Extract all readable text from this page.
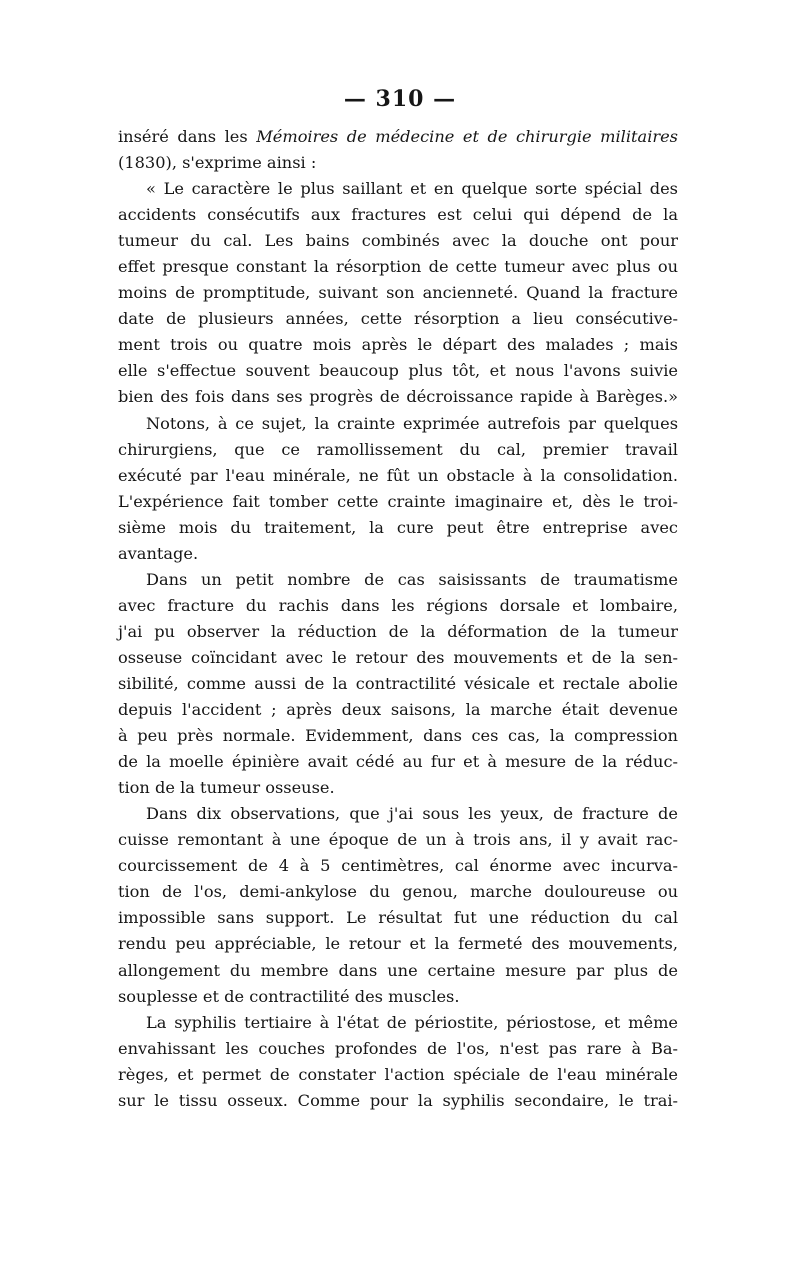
— 310 —
inséré dans les Mémoires de médecine et de chirurgie militaires
(1830), s'exprime ainsi :
« Le caractère le plus saillant et en quelque sorte spécial des
accidents consécutifs aux fractures est celui qui dépend de la
tumeur du cal. Les bains combinés avec la douche ont pour
effet presque constant la résorption de cette tumeur avec plus ou
moins de promptitude, suivant son ancienneté. Quand la fracture
date de plusieurs années, cette résorption a lieu consécutive-
ment trois ou quatre mois après le départ des malades ; mais
elle s'effectue souvent beaucoup plus tôt, et nous l'avons suivie
bien des fois dans ses progrès de décroissance rapide à Barèges.»
Notons, à ce sujet, la crainte exprimée autrefois par quelques
chirurgiens, que ce ramollissement du cal, premier travail
exécuté par l'eau minérale, ne fût un obstacle à la consolidation.
L'expérience fait tomber cette crainte imaginaire et, dès le troi-
sième mois du traitement, la cure peut être entreprise avec
avantage.
Dans un petit nombre de cas saisissants de traumatisme
avec fracture du rachis dans les régions dorsale et lombaire,
j'ai pu observer la réduction de la déformation de la tumeur
osseuse coïncidant avec le retour des mouvements et de la sen-
sibilité, comme aussi de la contractilité vésicale et rectale abolie
depuis l'accident ; après deux saisons, la marche était devenue
à peu près normale. Evidemment, dans ces cas, la compression
de la moelle épinière avait cédé au fur et à mesure de la réduc-
tion de la tumeur osseuse.
Dans dix observations, que j'ai sous les yeux, de fracture de
cuisse remontant à une époque de un à trois ans, il y avait rac-
courcissement de 4 à 5 centimètres, cal énorme avec incurva-
tion de l'os, demi-ankylose du genou, marche douloureuse ou
impossible sans support. Le résultat fut une réduction du cal
rendu peu appréciable, le retour et la fermeté des mouvements,
allongement du membre dans une certaine mesure par plus de
souplesse et de contractilité des muscles.
La syphilis tertiaire à l'état de périostite, périostose, et même
envahissant les couches profondes de l'os, n'est pas rare à Ba-
règes, et permet de constater l'action spéciale de l'eau minérale
sur le tissu osseux. Comme pour la syphilis secondaire, le trai-
